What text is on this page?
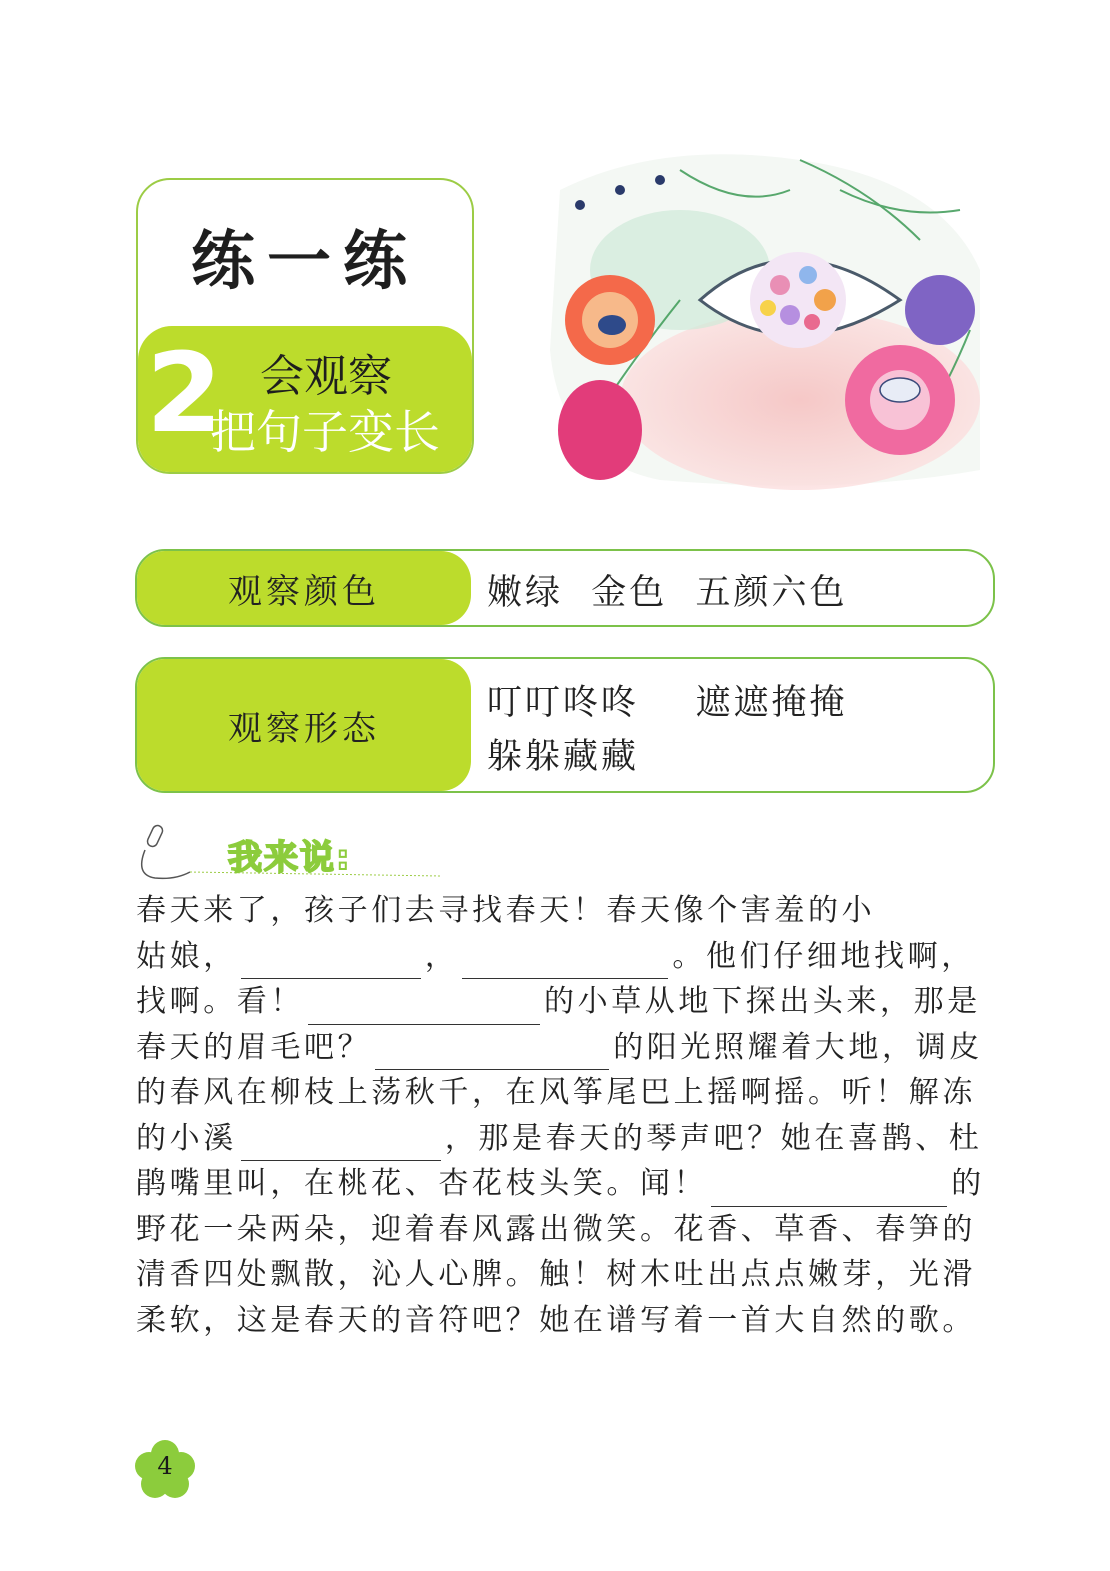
练一练
2 会观察
把句子变长
观察颜色	嫩绿  金色  五颜六色
观察形态
叮叮咚咚    遮遮掩掩
躲躲藏藏
我来说:
春天来了，孩子们去寻找春天！春天像个害羞的小
姑娘，	，	。他们仔细地找啊，
找啊。看！	的小草从地下探出头来，那是
春天的眉毛吧？	的阳光照耀着大地，调皮
的春风在柳枝上荡秋千，在风筝尾巴上摇啊摇。听！解冻
的小溪	，那是春天的琴声吧？她在喜鹊、杜
鹃嘴里叫，在桃花、杏花枝头笑。闻！	的
野花一朵两朵，迎着春风露出微笑。花香、草香、春笋的
清香四处飘散，沁人心脾。触！树木吐出点点嫩芽，光滑
柔软，这是春天的音符吧？她在谱写着一首大自然的歌。
4
